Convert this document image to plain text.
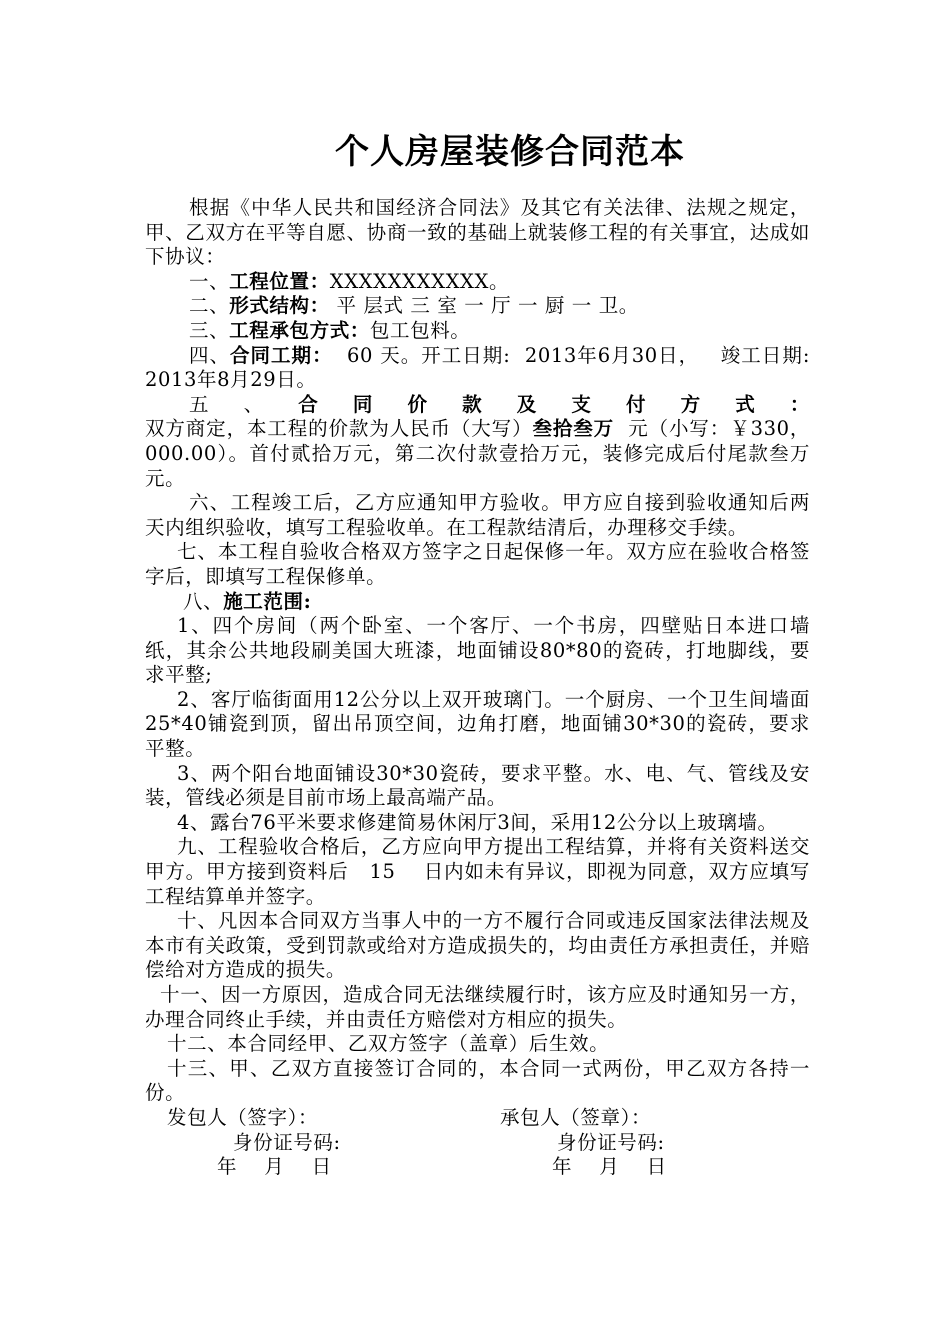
个人房屋装修合同范本

根据《中华人民共和国经济合同法》及其它有关法律、法规之规定，甲、乙双方在平等自愿、协商一致的基础上就装修工程的有关事宜，达成如下协议：

一、工程位置：XXXXXXXXXXX。

二、形式结构： 平 层式 三 室 一 厅 一 厨 一 卫。

三、工程承包方式：包工包料。

四、合同工期：  60 天。开工日期:  2013年6月30日，   竣工日期: 2013年8月29日。

五、合同价款及支付方式：双方商定，本工程的价款为人民币（大写）叁拾叁万  元（小写：￥330，000.00）。首付贰拾万元，第二次付款壹拾万元，装修完成后付尾款叁万元。

六、工程竣工后，乙方应通知甲方验收。甲方应自接到验收通知后两天内组织验收，填写工程验收单。在工程款结清后，办理移交手续。

七、本工程自验收合格双方签字之日起保修一年。双方应在验收合格签字后，即填写工程保修单。

八、施工范围:

1、四个房间（两个卧室、一个客厅、一个书房，四壁贴日本进口墙纸，其余公共地段刷美国大班漆，地面铺设80*80的瓷砖，打地脚线，要求平整;

2、客厅临街面用12公分以上双开玻璃门。一个厨房、一个卫生间墙面25*40铺瓷到顶，留出吊顶空间，边角打磨，地面铺30*30的瓷砖，要求平整。

3、两个阳台地面铺设30*30瓷砖，要求平整。水、电、气、管线及安装，管线必须是目前市场上最高端产品。

4、露台76平米要求修建简易休闲厅3间，采用12公分以上玻璃墙。

九、工程验收合格后，乙方应向甲方提出工程结算，并将有关资料送交甲方。甲方接到资料后   15    日内如未有异议，即视为同意，双方应填写工程结算单并签字。

十、凡因本合同双方当事人中的一方不履行合同或违反国家法律法规及本市有关政策，受到罚款或给对方造成损失的，均由责任方承担责任，并赔偿给对方造成的损失。

十一、因一方原因，造成合同无法继续履行时，该方应及时通知另一方，办理合同终止手续，并由责任方赔偿对方相应的损失。

十二、本合同经甲、乙双方签字（盖章）后生效。

十三、甲、乙双方直接签订合同的，本合同一式两份，甲乙双方各持一份。

发包人（签字）：

	承包人（签章）：

身份证号码:

	身份证号码:

年    月    日

	年    月    日
